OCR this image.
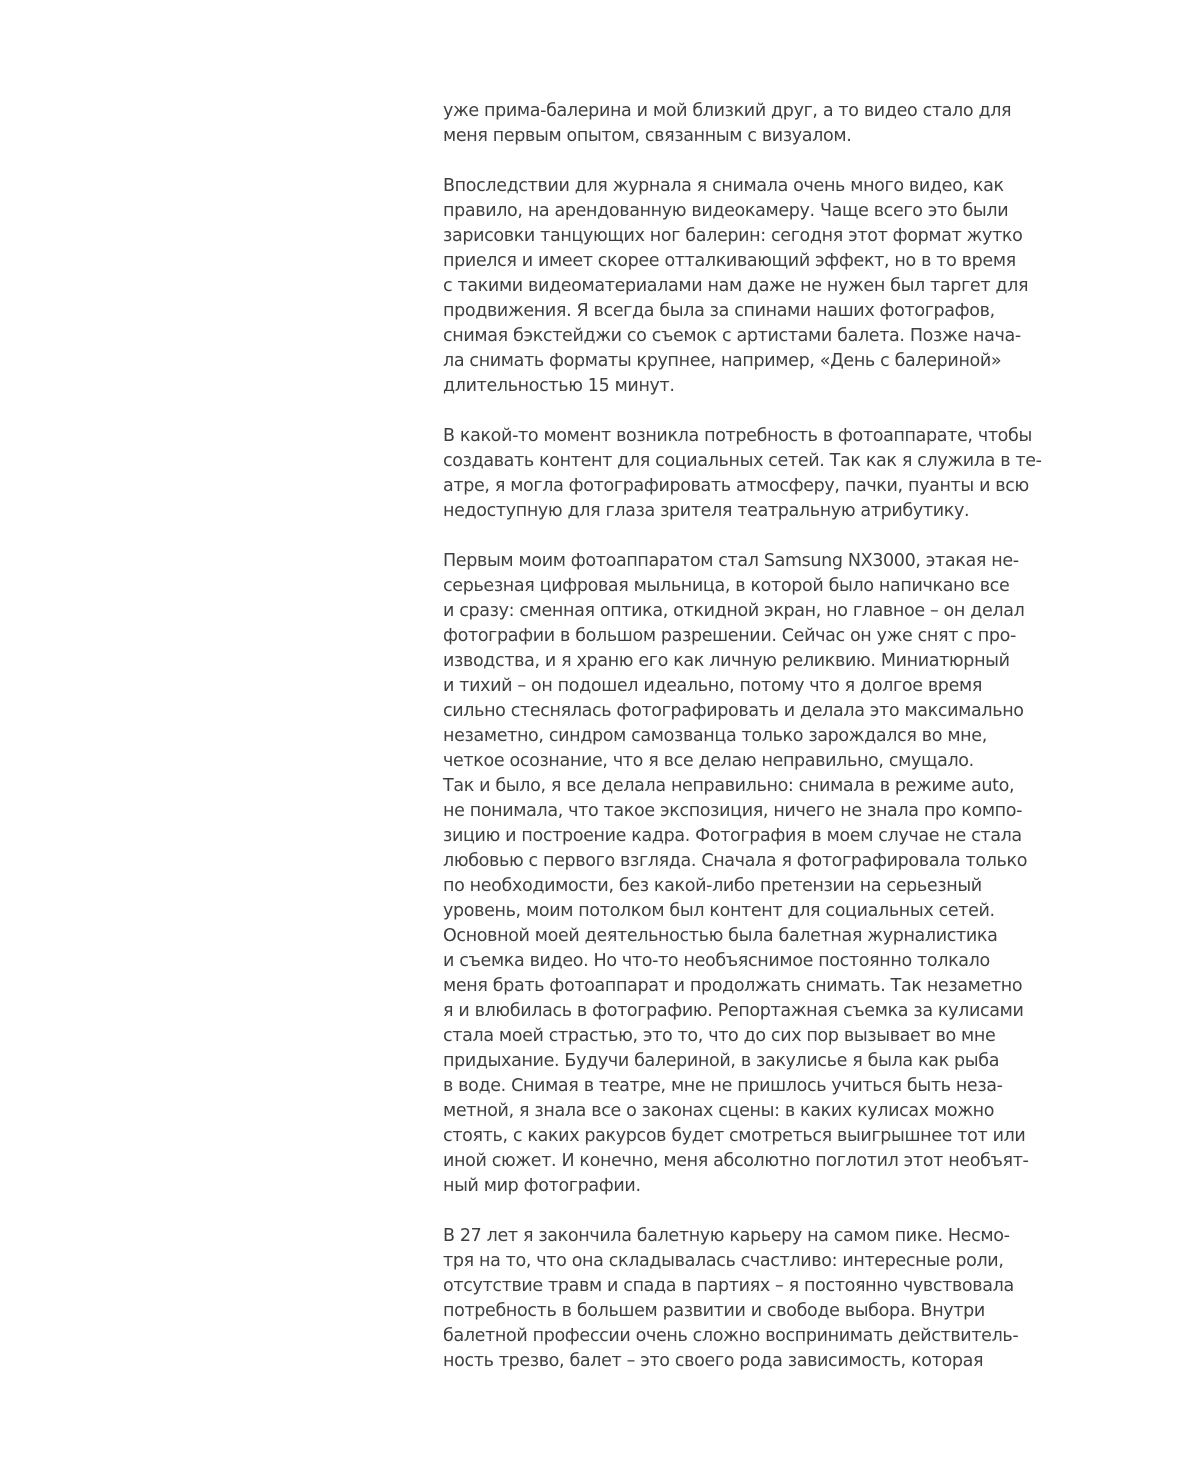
уже прима-балерина и мой близкий друг, а то видео стало для
меня первым опытом, связанным с визуалом.

Впоследствии для журнала я снимала очень много видео, как
правило, на арендованную видеокамеру. Чаще всего это были
зарисовки танцующих ног балерин: сегодня этот формат жутко
приелся и имеет скорее отталкивающий эффект, но в то время
с такими видеоматериалами нам даже не нужен был таргет для
продвижения. Я всегда была за спинами наших фотографов,
снимая бэкстейджи со съемок с артистами балета. Позже нача-
ла снимать форматы крупнее, например, «День с балериной»
длительностью 15 минут.

В какой-то момент возникла потребность в фотоаппарате, чтобы
создавать контент для социальных сетей. Так как я служила в те-
атре, я могла фотографировать атмосферу, пачки, пуанты и всю
недоступную для глаза зрителя театральную атрибутику.

Первым моим фотоаппаратом стал Samsung NX3000, этакая не-
серьезная цифровая мыльница, в которой было напичкано все
и сразу: сменная оптика, откидной экран, но главное – он делал
фотографии в большом разрешении. Сейчас он уже снят с про-
изводства, и я храню его как личную реликвию. Миниатюрный
и тихий – он подошел идеально, потому что я долгое время
сильно стеснялась фотографировать и делала это максимально
незаметно, синдром самозванца только зарождался во мне,
четкое осознание, что я все делаю неправильно, смущало.
Так и было, я все делала неправильно: снимала в режиме auto,
не понимала, что такое экспозиция, ничего не знала про компо-
зицию и построение кадра. Фотография в моем случае не стала
любовью с первого взгляда. Сначала я фотографировала только
по необходимости, без какой-либо претензии на серьезный
уровень, моим потолком был контент для социальных сетей.
Основной моей деятельностью была балетная журналистика
и съемка видео. Но что-то необъяснимое постоянно толкало
меня брать фотоаппарат и продолжать снимать. Так незаметно
я и влюбилась в фотографию. Репортажная съемка за кулисами
стала моей страстью, это то, что до сих пор вызывает во мне
придыхание. Будучи балериной, в закулисье я была как рыба
в воде. Снимая в театре, мне не пришлось учиться быть неза-
метной, я знала все о законах сцены: в каких кулисах можно
стоять, с каких ракурсов будет смотреться выигрышнее тот или
иной сюжет. И конечно, меня абсолютно поглотил этот необъят-
ный мир фотографии.

В 27 лет я закончила балетную карьеру на самом пике. Несмо-
тря на то, что она складывалась счастливо: интересные роли,
отсутствие травм и спада в партиях – я постоянно чувствовала
потребность в большем развитии и свободе выбора. Внутри
балетной профессии очень сложно воспринимать действитель-
ность трезво, балет – это своего рода зависимость, которая
